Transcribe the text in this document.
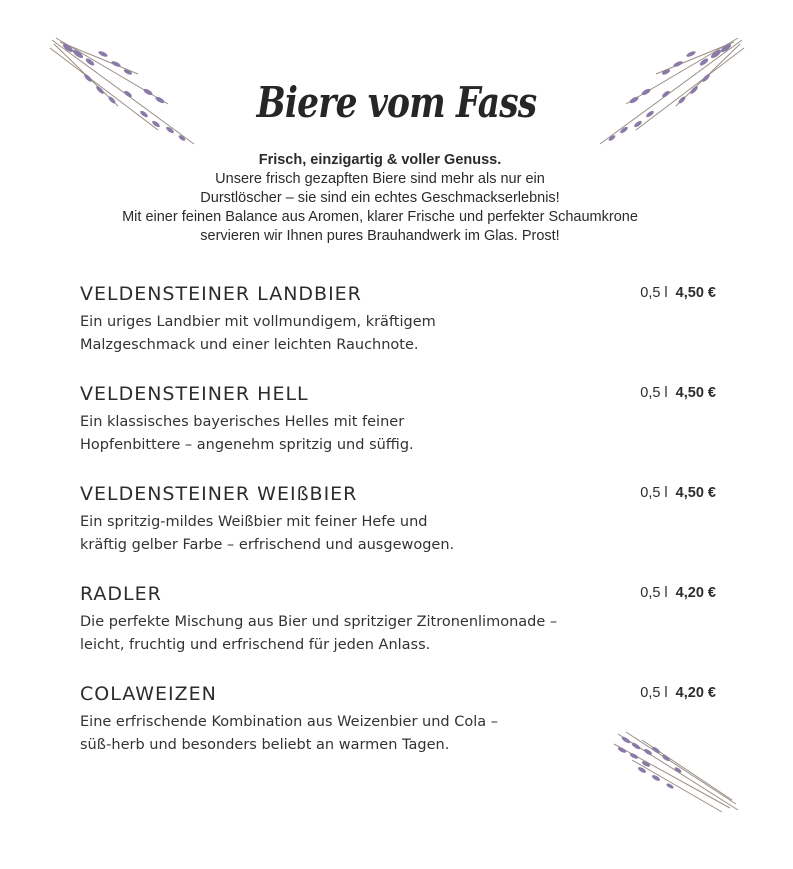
Biere vom Fass
Frisch, einzigartig & voller Genuss.
Unsere frisch gezapften Biere sind mehr als nur ein
Durstlöscher – sie sind ein echtes Geschmackserlebnis!
Mit einer feinen Balance aus Aromen, klarer Frische und perfekter Schaumkrone
servieren wir Ihnen pures Brauhandwerk im Glas. Prost!
VELDENSTEINER LANDBIER
Ein uriges Landbier mit vollmundigem, kräftigem
Malzgeschmack und einer leichten Rauchnote.
0,5 l 4,50 €
VELDENSTEINER HELL
Ein klassisches bayerisches Helles mit feiner
Hopfenbittere – angenehm spritzig und süffig.
0,5 l 4,50 €
VELDENSTEINER WEIßBIER
Ein spritzig-mildes Weißbier mit feiner Hefe und
kräftig gelber Farbe – erfrischend und ausgewogen.
0,5 l 4,50 €
RADLER
Die perfekte Mischung aus Bier und spritziger Zitronenlimonade –
leicht, fruchtig und erfrischend für jeden Anlass.
0,5 l 4,20 €
COLAWEIZEN
Eine erfrischende Kombination aus Weizenbier und Cola –
süß-herb und besonders beliebt an warmen Tagen.
0,5 l 4,20 €
